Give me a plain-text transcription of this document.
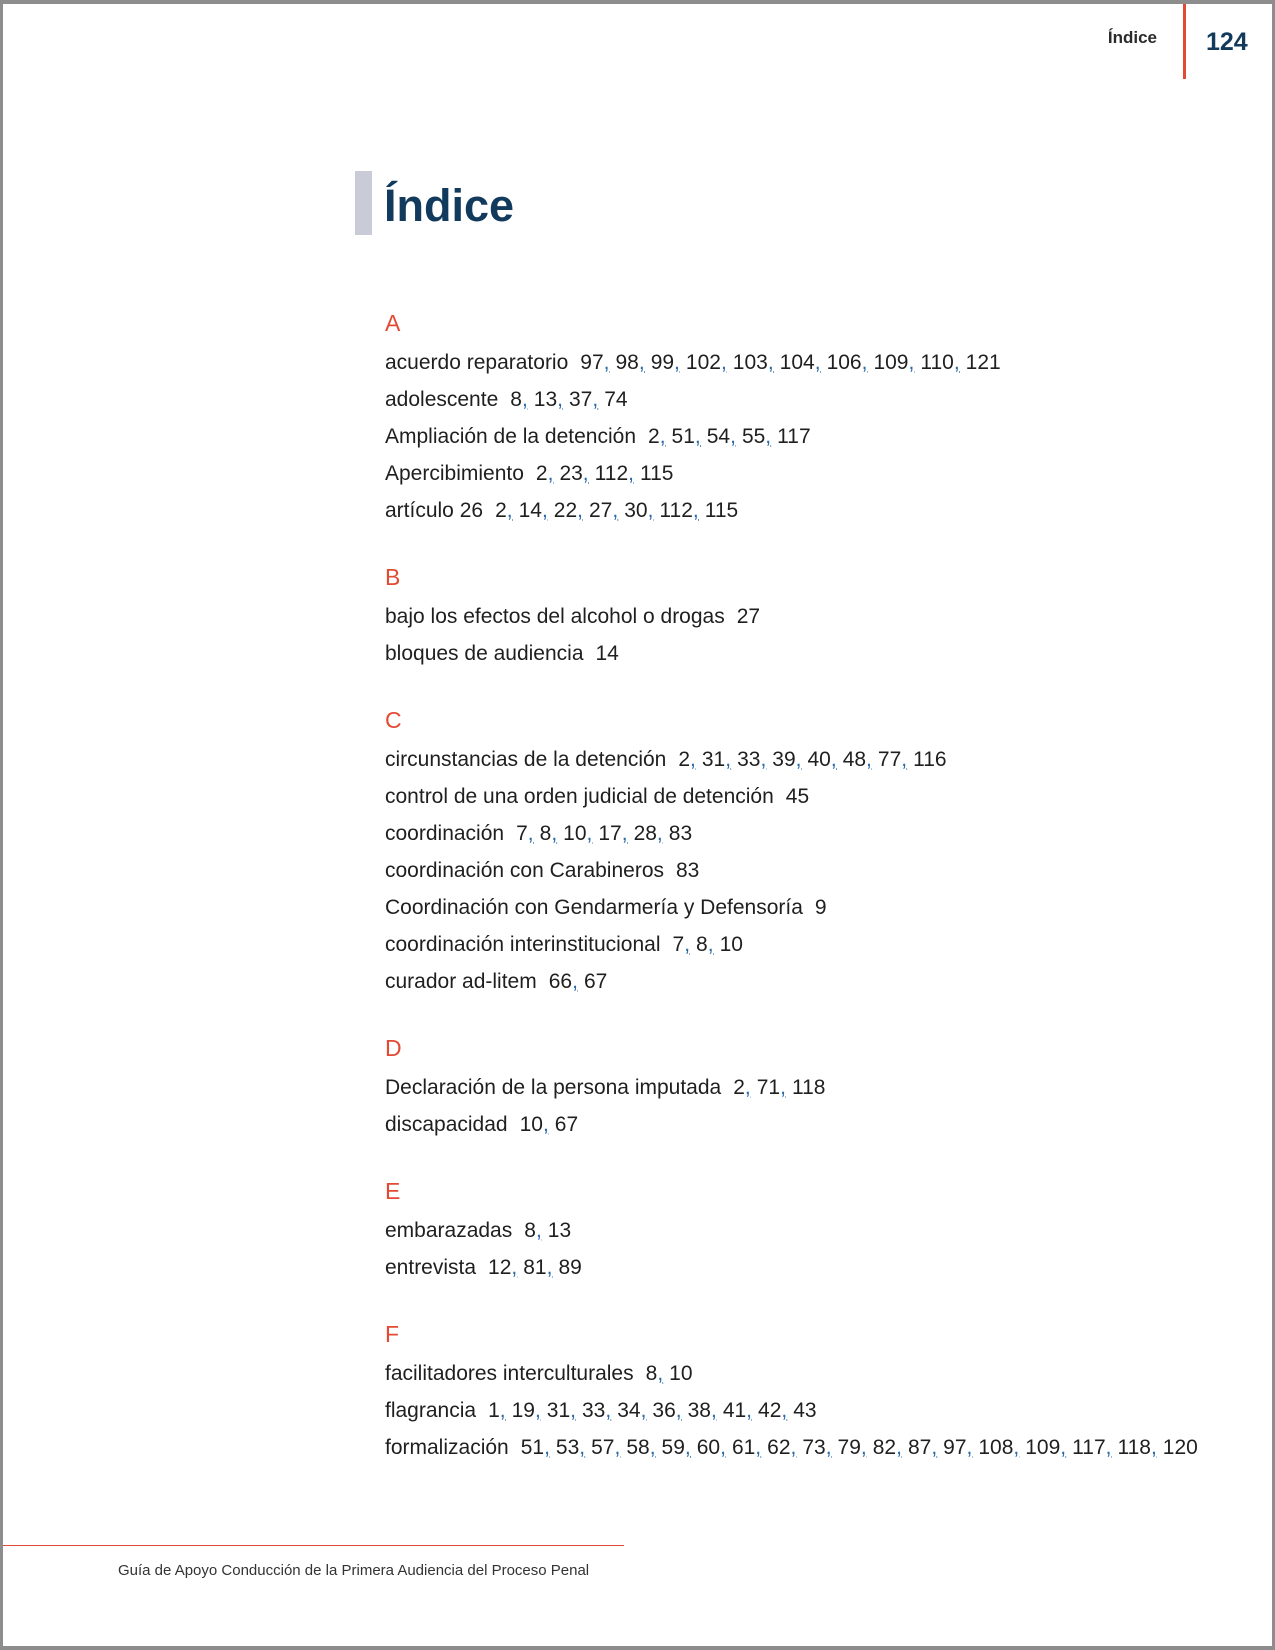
Índice 124
Índice
A
acuerdo reparatorio 97, 98, 99, 102, 103, 104, 106, 109, 110, 121
adolescente 8, 13, 37, 74
Ampliación de la detención 2, 51, 54, 55, 117
Apercibimiento 2, 23, 112, 115
artículo 26 2, 14, 22, 27, 30, 112, 115
B
bajo los efectos del alcohol o drogas 27
bloques de audiencia 14
C
circunstancias de la detención 2, 31, 33, 39, 40, 48, 77, 116
control de una orden judicial de detención 45
coordinación 7, 8, 10, 17, 28, 83
coordinación con Carabineros 83
Coordinación con Gendarmería y Defensoría 9
coordinación interinstitucional 7, 8, 10
curador ad-litem 66, 67
D
Declaración de la persona imputada 2, 71, 118
discapacidad 10, 67
E
embarazadas 8, 13
entrevista 12, 81, 89
F
facilitadores interculturales 8, 10
flagrancia 1, 19, 31, 33, 34, 36, 38, 41, 42, 43
formalización 51, 53, 57, 58, 59, 60, 61, 62, 73, 79, 82, 87, 97, 108, 109, 117, 118, 120
Guía de Apoyo Conducción de la Primera Audiencia del Proceso Penal
